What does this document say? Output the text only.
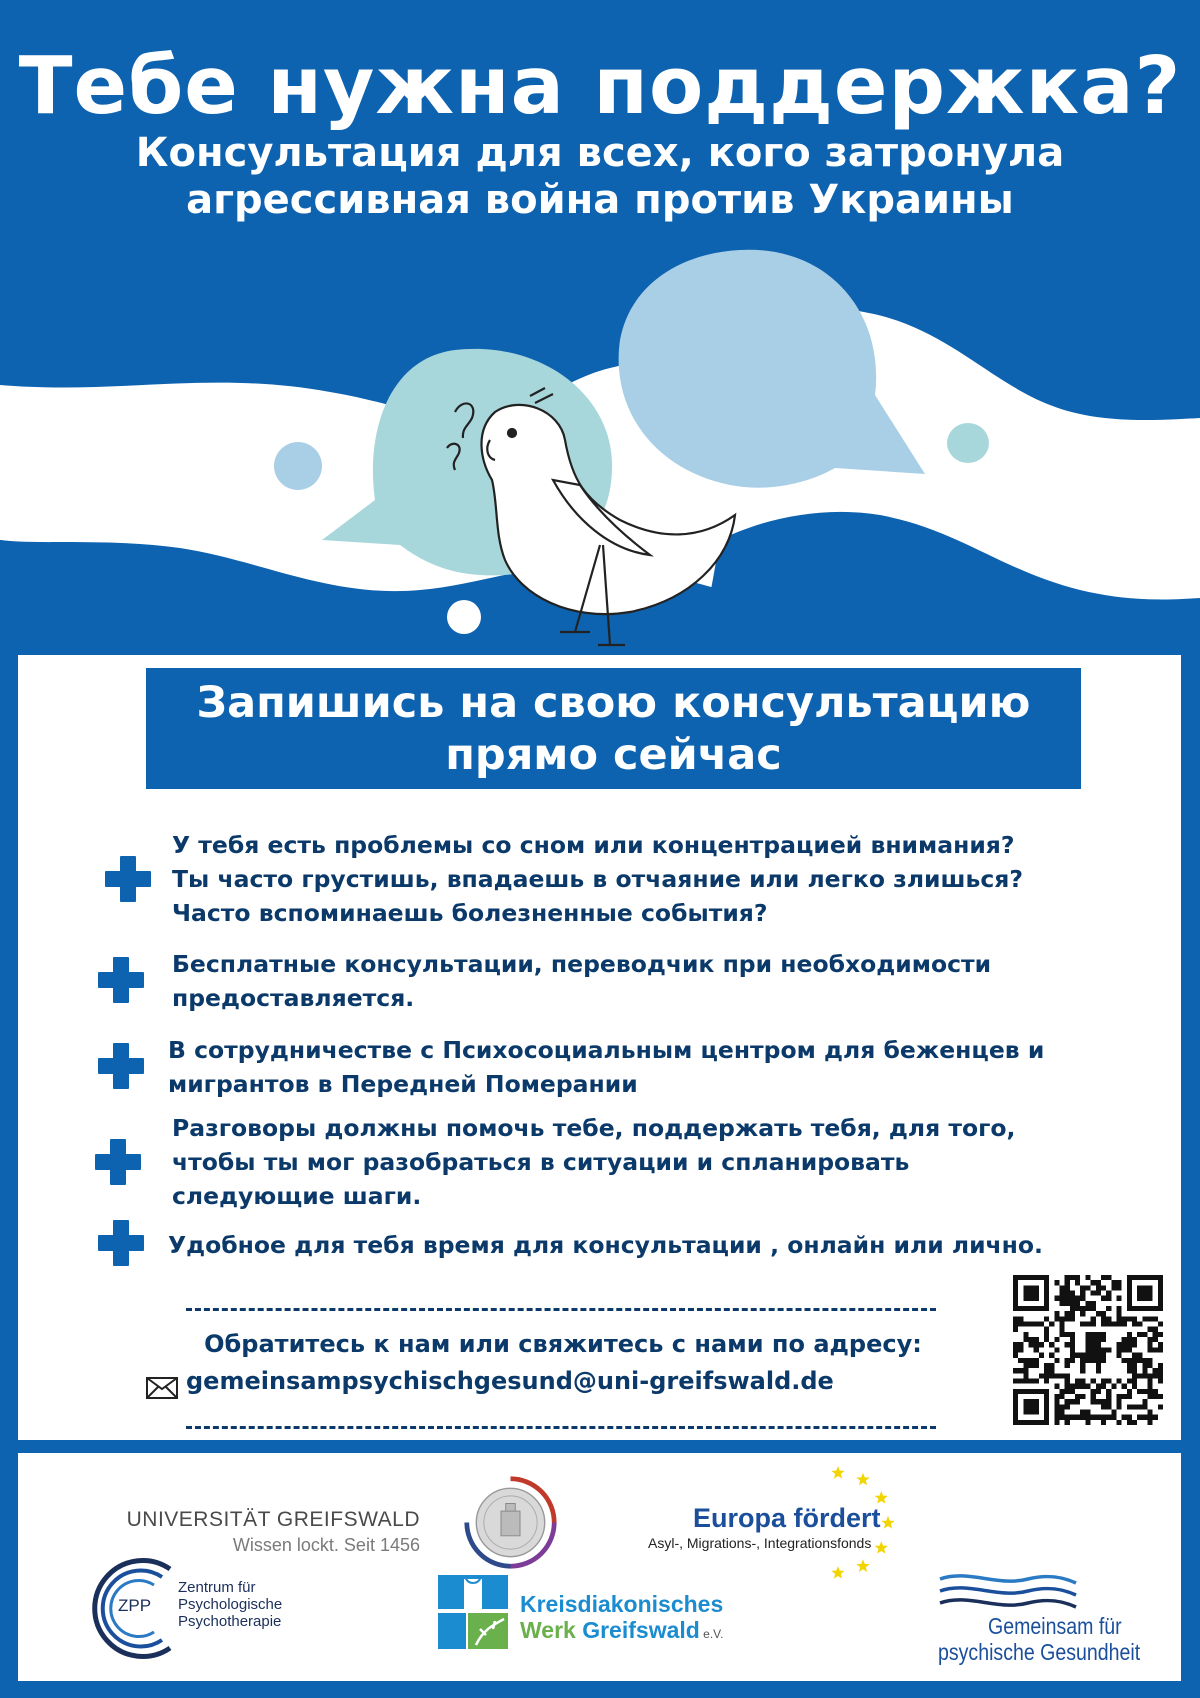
Тебе нужна поддержка?

Консультация для всех, кого затронула агрессивная война против Украины

Запишись на свою консультацию
прямо сейчас
У тебя есть проблемы со сном или концентрацией внимания?
Ты часто грустишь, впадаешь в отчаяние или легко злишься?
Часто вспоминаешь болезненные события?
Бесплатные консультации, переводчик при необходимости
предоставляется.
В сотрудничестве с Психосоциальным центром для беженцев и
мигрантов в Передней Померании
Разговоры должны помочь тебе, поддержать тебя, для того,
чтобы ты мог разобраться в ситуации и спланировать
следующие шаги.
Удобное для тебя время для консультации , онлайн или лично.
Обратитесь к нам или свяжитесь с нами по адресу:
gemeinsampsychischgesund@uni-greifswald.de
UNIVERSITÄT GREIFSWALD
Wissen lockt. Seit 1456
Europa fördert
Asyl-, Migrations-, Integrationsfonds
ZPP
Zentrum für
Psychologische
Psychotherapie
Kreisdiakonisches
Werk Greifswald e.V.	Gemeinsam für
psychische Gesundheit
